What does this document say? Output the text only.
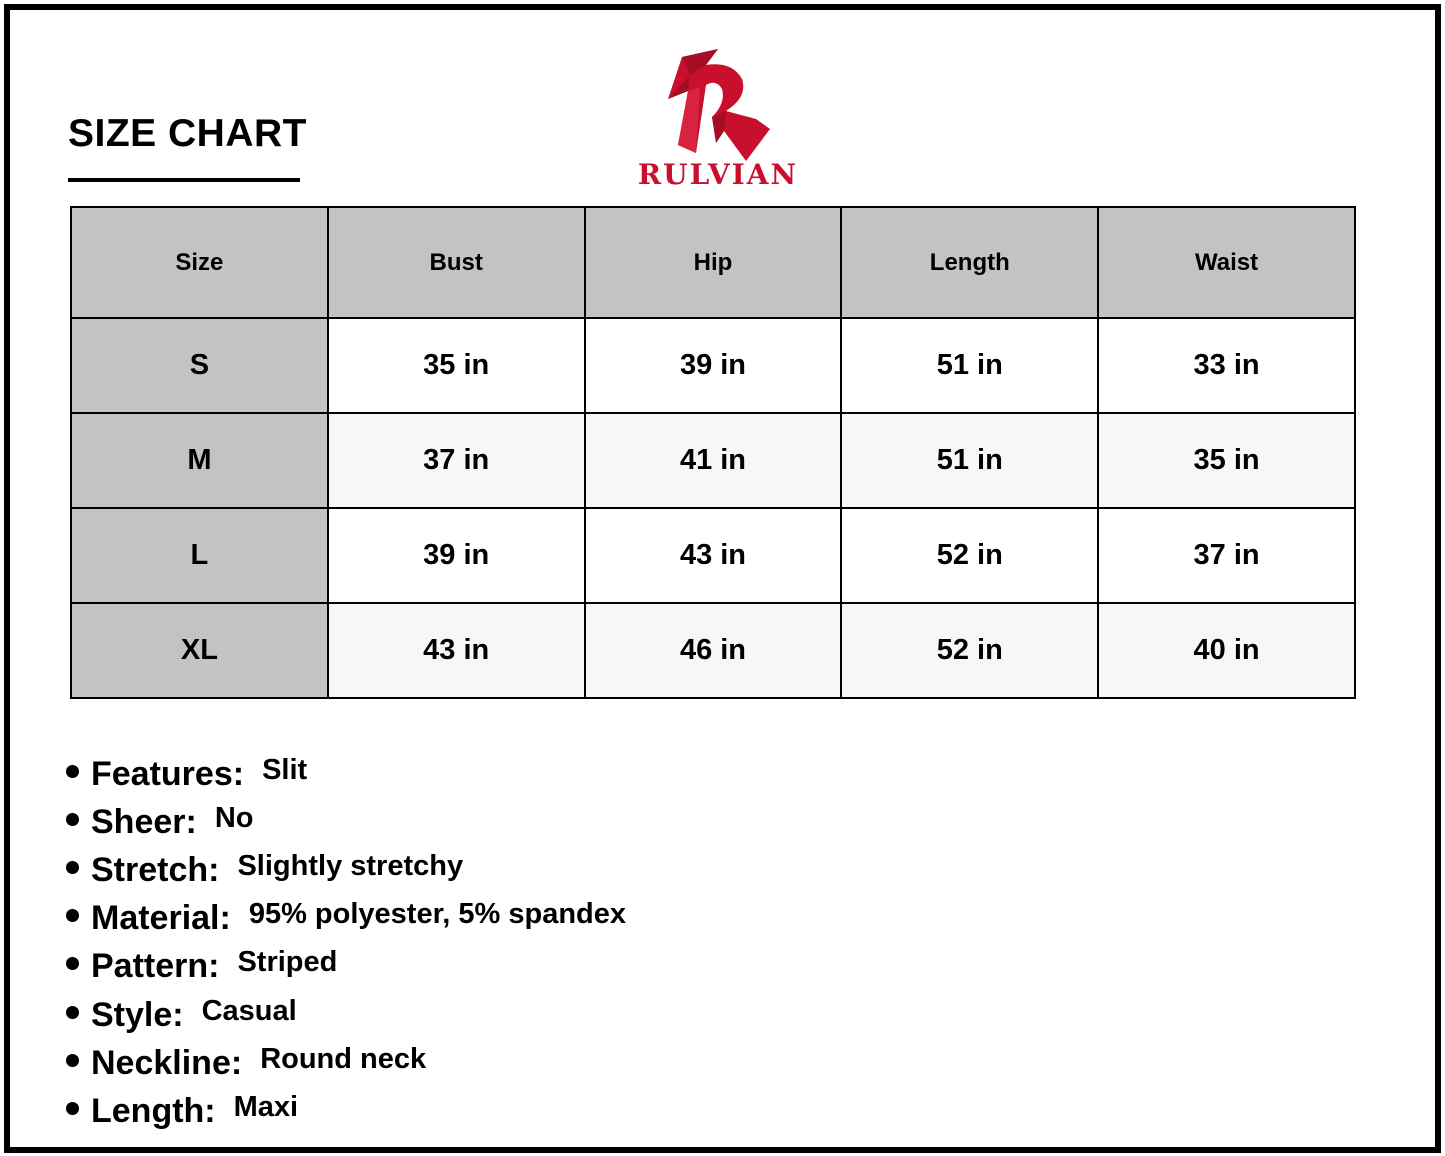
SIZE CHART
RULVIAN
Size	Bust	Hip	Length	Waist
S	35 in	39 in	51 in	33 in
M	37 in	41 in	51 in	35 in
L	39 in	43 in	52 in	37 in
XL	43 in	46 in	52 in	40 in
Features: Slit
Sheer: No
Stretch: Slightly stretchy
Material: 95% polyester, 5% spandex
Pattern: Striped
Style: Casual
Neckline: Round neck
Length: Maxi
